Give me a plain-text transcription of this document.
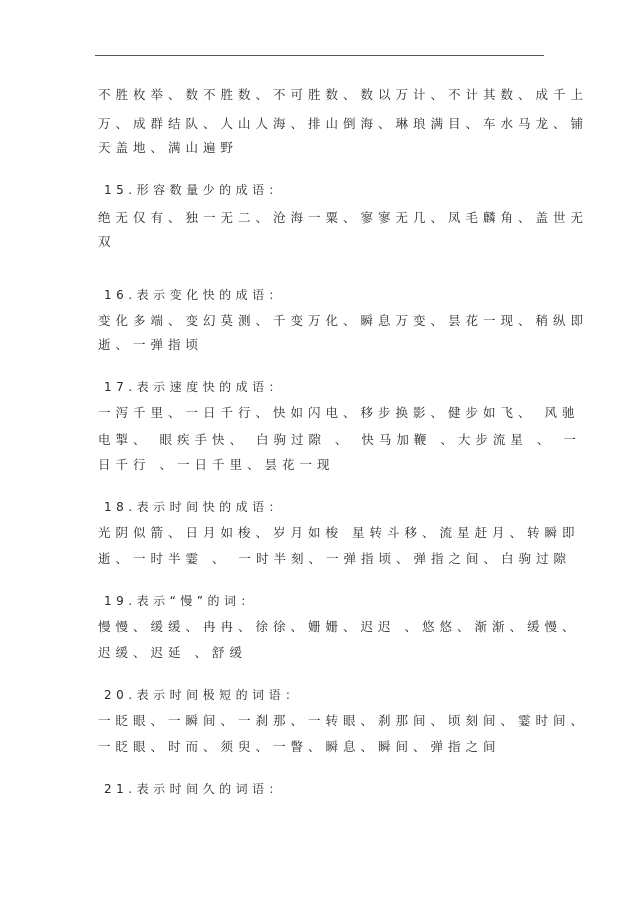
不胜枚举、数不胜数、不可胜数、数以万计、不计其数、成千上
万、成群结队、人山人海、排山倒海、琳琅满目、车水马龙、铺
天盖地、满山遍野
15.形容数量少的成语：
绝无仅有、独一无二、沧海一粟、寥寥无几、凤毛麟角、盖世无
双
16.表示变化快的成语：
变化多端、变幻莫测、千变万化、瞬息万变、昙花一现、稍纵即
逝、一弹指顷
17.表示速度快的成语：
一泻千里、一日千行、快如闪电、移步换影、健步如飞、 风驰
电掣、 眼疾手快、 白驹过隙 、 快马加鞭 、大步流星 、 一
日千行 、一日千里、昙花一现
18.表示时间快的成语：
光阴似箭、日月如梭、岁月如梭 星转斗移、流星赶月、转瞬即
逝、一时半霎 、 一时半刻、一弹指顷、弹指之间、白驹过隙
19.表示“慢”的词：
慢慢、缓缓、冉冉、徐徐、姗姗、迟迟 、悠悠、渐渐、缓慢、
迟缓、迟延 、舒缓
20.表示时间极短的词语：
一眨眼、一瞬间、一刹那、一转眼、刹那间、顷刻间、霎时间、
一眨眼、时而、须臾、一瞥、瞬息、瞬间、弹指之间
21.表示时间久的词语：
